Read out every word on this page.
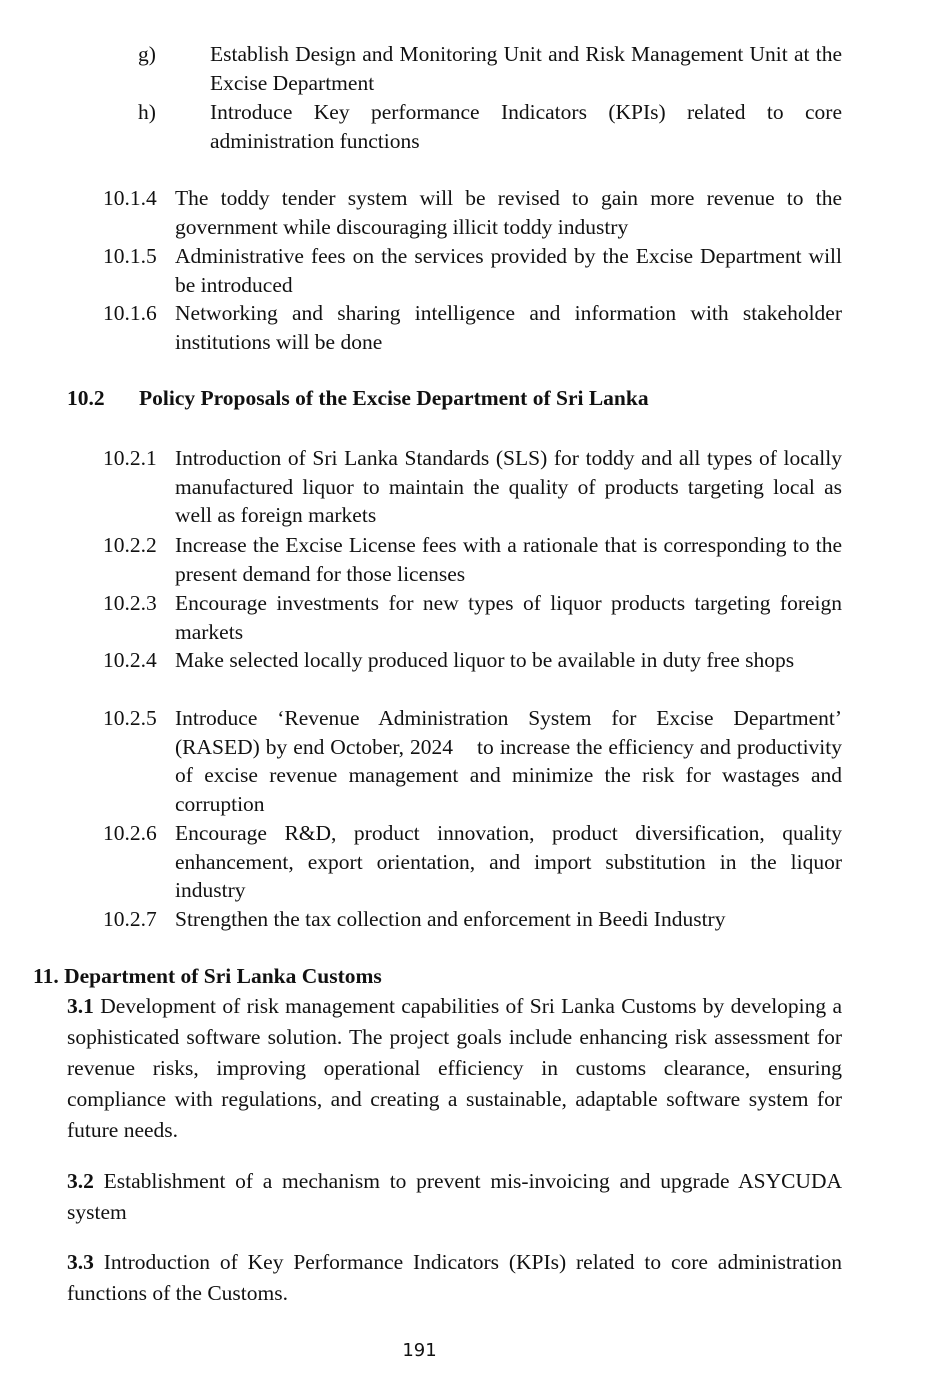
g)	Establish Design and Monitoring Unit and Risk Management Unit at the Excise Department
h)	Introduce Key performance Indicators (KPIs) related to core administration functions
10.1.4 The toddy tender system will be revised to gain more revenue to the government while discouraging illicit toddy industry
10.1.5 Administrative fees on the services provided by the Excise Department will be introduced
10.1.6 Networking and sharing intelligence and information with stakeholder institutions will be done
10.2 Policy Proposals of the Excise Department of Sri Lanka
10.2.1 Introduction of Sri Lanka Standards (SLS) for toddy and all types of locally manufactured liquor to maintain the quality of products targeting local as well as foreign markets
10.2.2 Increase the Excise License fees with a rationale that is corresponding to the present demand for those licenses
10.2.3 Encourage investments for new types of liquor products targeting foreign markets
10.2.4 Make selected locally produced liquor to be available in duty free shops
10.2.5 Introduce ‘Revenue Administration System for Excise Department’ (RASED) by end October, 2024    to increase the efficiency and productivity of excise revenue management and minimize the risk for wastages and corruption
10.2.6 Encourage R&D, product innovation, product diversification, quality enhancement, export orientation, and import substitution in the liquor industry
10.2.7 Strengthen the tax collection and enforcement in Beedi Industry
11. Department of Sri Lanka Customs
3.1 Development of risk management capabilities of Sri Lanka Customs by developing a sophisticated software solution. The project goals include enhancing risk assessment for revenue risks, improving operational efficiency in customs clearance, ensuring compliance with regulations, and creating a sustainable, adaptable software system for future needs.
3.2 Establishment of a mechanism to prevent mis-invoicing and upgrade ASYCUDA system
3.3 Introduction of Key Performance Indicators (KPIs) related to core administration functions of the Customs.
191
